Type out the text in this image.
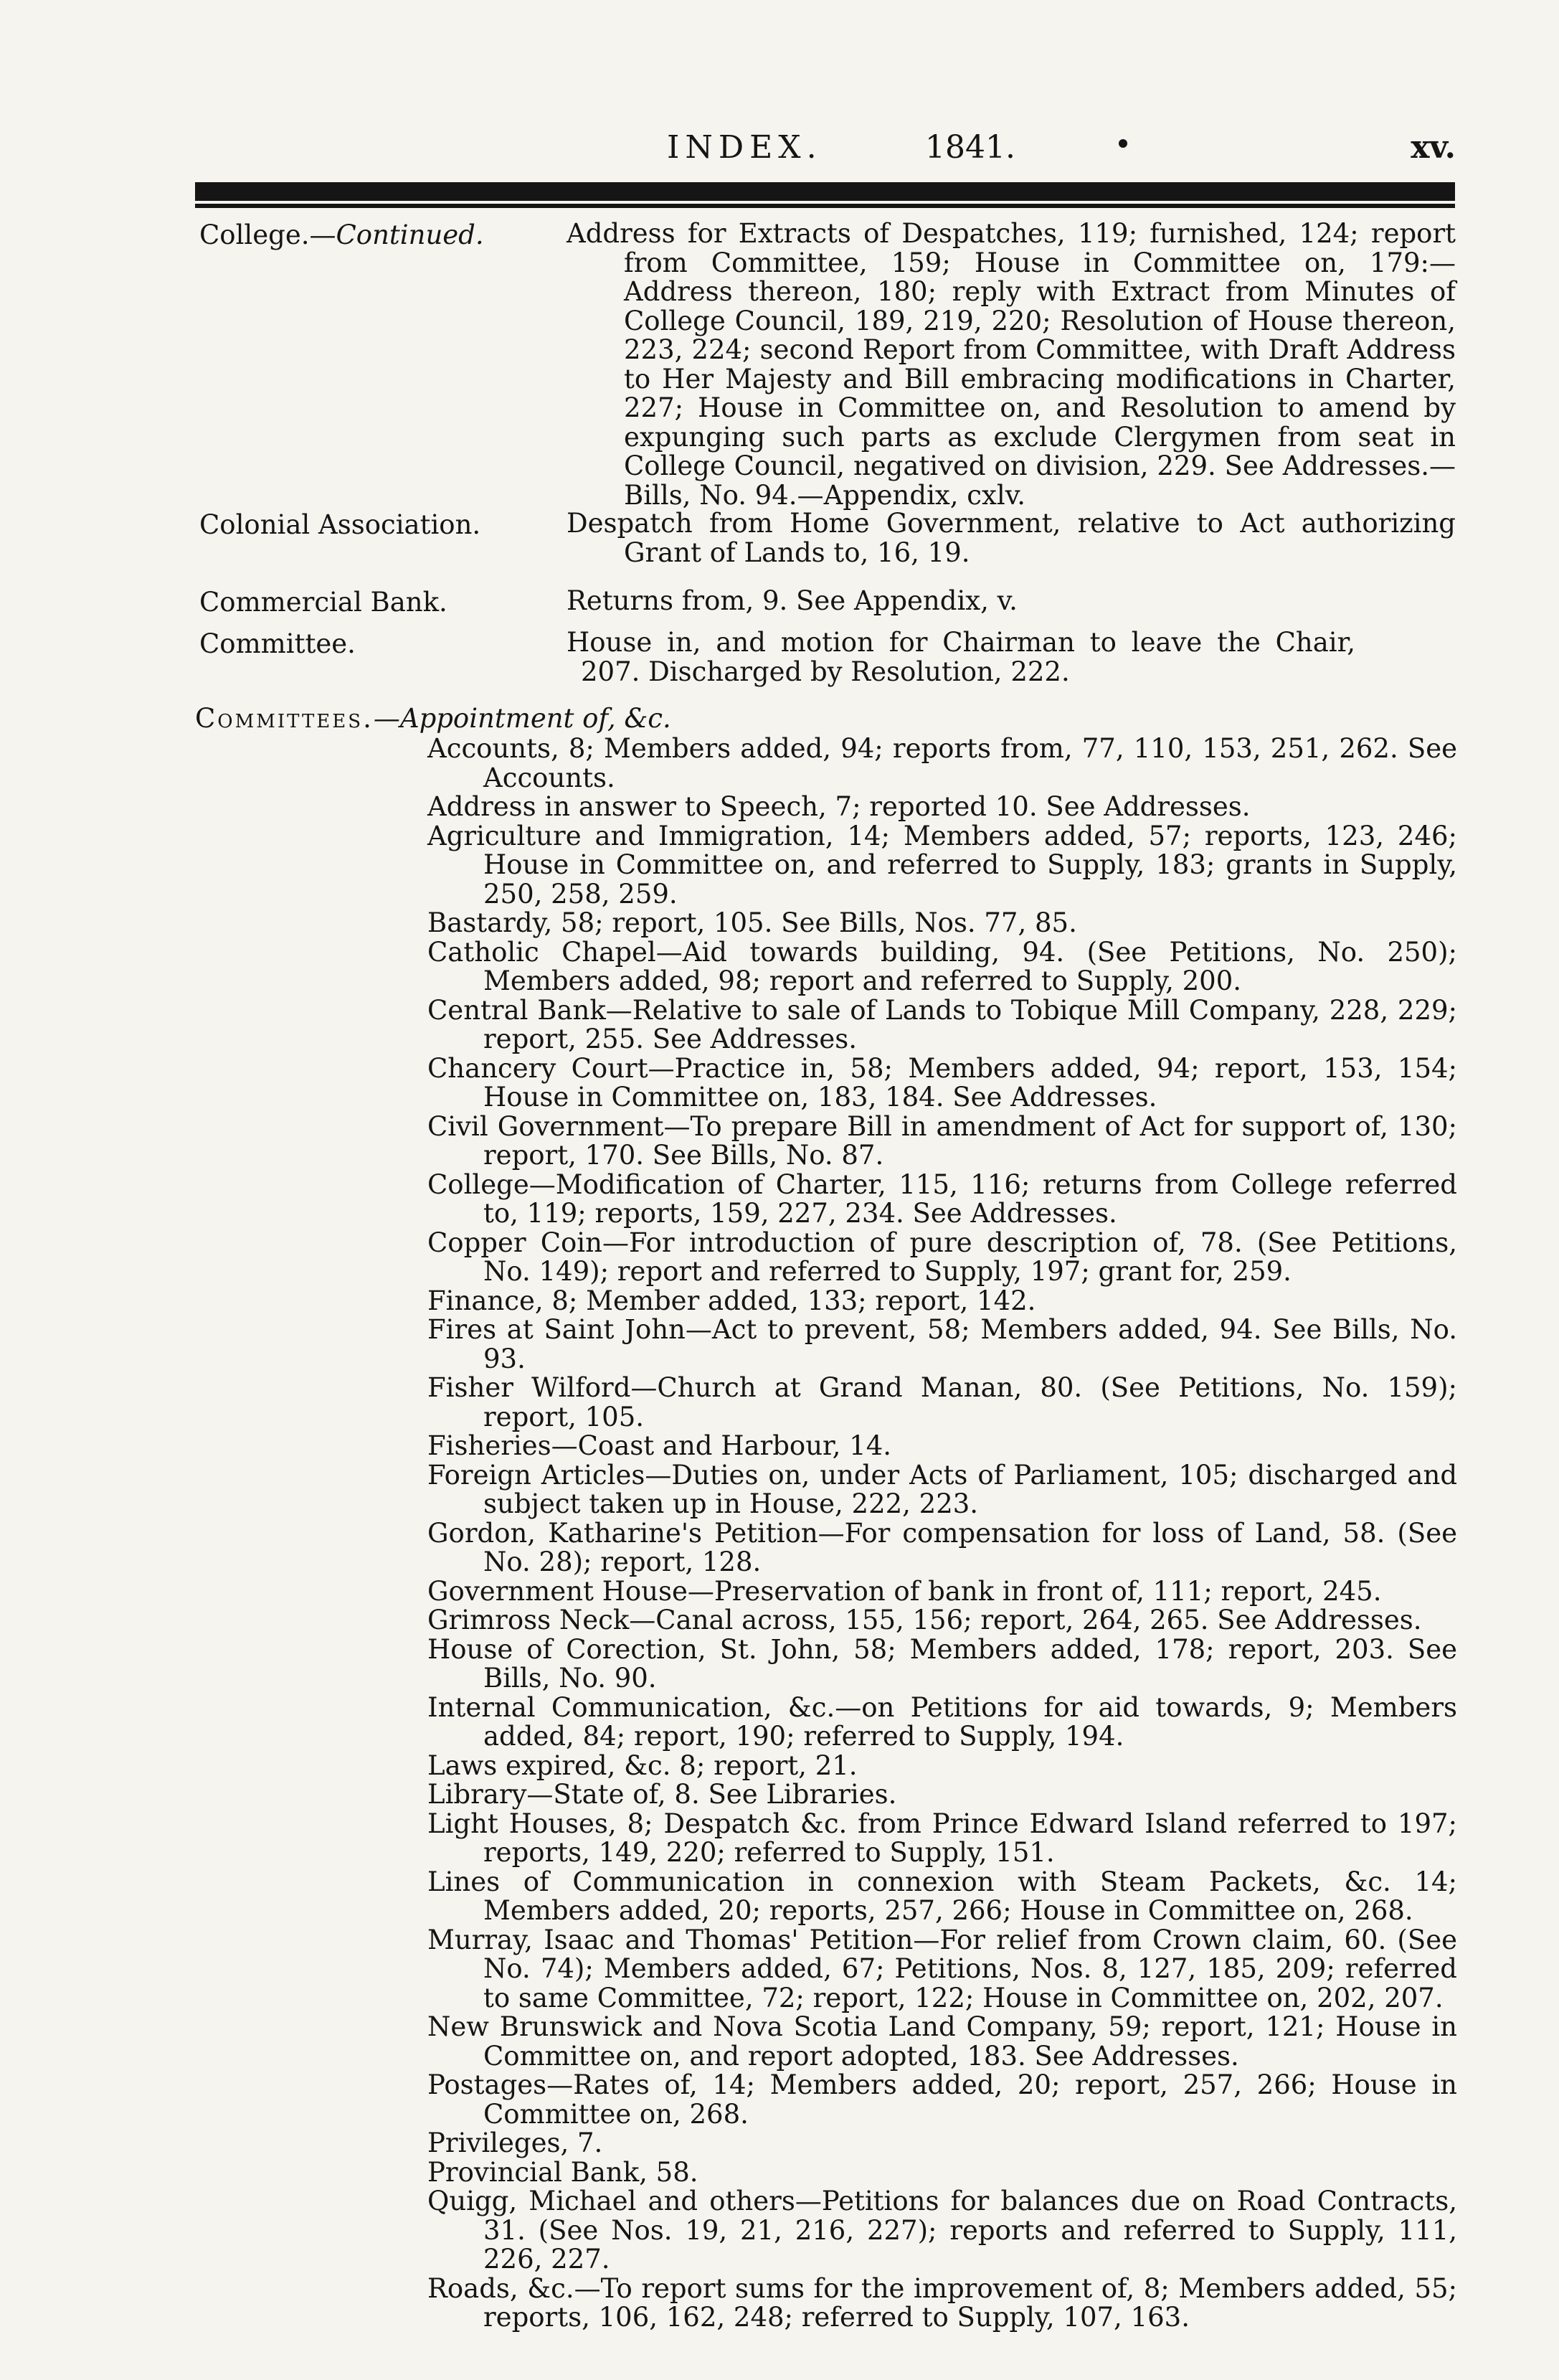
INDEX.	1841.	xv.
College.—Continued.	Address for Extracts of Despatches, 119; furnished, 124; report from Committee, 159; House in Committee on, 179:—Address thereon, 180; reply with Extract from Minutes of College Council, 189, 219, 220; Resolution of House thereon, 223, 224; second Report from Committee, with Draft Address to Her Majesty and Bill embracing modifications in Charter, 227; House in Committee on, and Resolution to amend by expunging such parts as exclude Clergymen from seat in College Council, negatived on division, 229. See Addresses.—Bills, No. 94.—Appendix, cxlv.

Colonial Association.	Despatch from Home Government, relative to Act authorizing Grant of Lands to, 16, 19.

Commercial Bank.	Returns from, 9. See Appendix, v.

Committee.	House in, and motion for Chairman to leave the Chair, 207. Discharged by Resolution, 222.

Committees.—Appointment of, &c.

Accounts, 8; Members added, 94; reports from, 77, 110, 153, 251, 262. See Accounts.

Address in answer to Speech, 7; reported 10. See Addresses.

Agriculture and Immigration, 14; Members added, 57; reports, 123, 246; House in Committee on, and referred to Supply, 183; grants in Supply, 250, 258, 259.

Bastardy, 58; report, 105. See Bills, Nos. 77, 85.

Catholic Chapel—Aid towards building, 94. (See Petitions, No. 250); Members added, 98; report and referred to Supply, 200.

Central Bank—Relative to sale of Lands to Tobique Mill Company, 228, 229; report, 255. See Addresses.

Chancery Court—Practice in, 58; Members added, 94; report, 153, 154; House in Committee on, 183, 184. See Addresses.

Civil Government—To prepare Bill in amendment of Act for support of, 130; report, 170. See Bills, No. 87.

College—Modification of Charter, 115, 116; returns from College referred to, 119; reports, 159, 227, 234. See Addresses.

Copper Coin—For introduction of pure description of, 78. (See Petitions, No. 149); report and referred to Supply, 197; grant for, 259.

Finance, 8; Member added, 133; report, 142.

Fires at Saint John—Act to prevent, 58; Members added, 94. See Bills, No. 93.

Fisher Wilford—Church at Grand Manan, 80. (See Petitions, No. 159); report, 105.

Fisheries—Coast and Harbour, 14.

Foreign Articles—Duties on, under Acts of Parliament, 105; discharged and subject taken up in House, 222, 223.

Gordon, Katharine's Petition—For compensation for loss of Land, 58. (See No. 28); report, 128.

Government House—Preservation of bank in front of, 111; report, 245.

Grimross Neck—Canal across, 155, 156; report, 264, 265. See Addresses.

House of Corection, St. John, 58; Members added, 178; report, 203. See Bills, No. 90.

Internal Communication, &c.—on Petitions for aid towards, 9; Members added, 84; report, 190; referred to Supply, 194.

Laws expired, &c. 8; report, 21.

Library—State of, 8. See Libraries.

Light Houses, 8; Despatch &c. from Prince Edward Island referred to 197; reports, 149, 220; referred to Supply, 151.

Lines of Communication in connexion with Steam Packets, &c. 14; Members added, 20; reports, 257, 266; House in Committee on, 268.

Murray, Isaac and Thomas' Petition—For relief from Crown claim, 60. (See No. 74); Members added, 67; Petitions, Nos. 8, 127, 185, 209; referred to same Committee, 72; report, 122; House in Committee on, 202, 207.

New Brunswick and Nova Scotia Land Company, 59; report, 121; House in Committee on, and report adopted, 183. See Addresses.

Postages—Rates of, 14; Members added, 20; report, 257, 266; House in Committee on, 268.

Privileges, 7.

Provincial Bank, 58.

Quigg, Michael and others—Petitions for balances due on Road Contracts, 31. (See Nos. 19, 21, 216, 227); reports and referred to Supply, 111, 226, 227.

Roads, &c.—To report sums for the improvement of, 8; Members added, 55; reports, 106, 162, 248; referred to Supply, 107, 163.
